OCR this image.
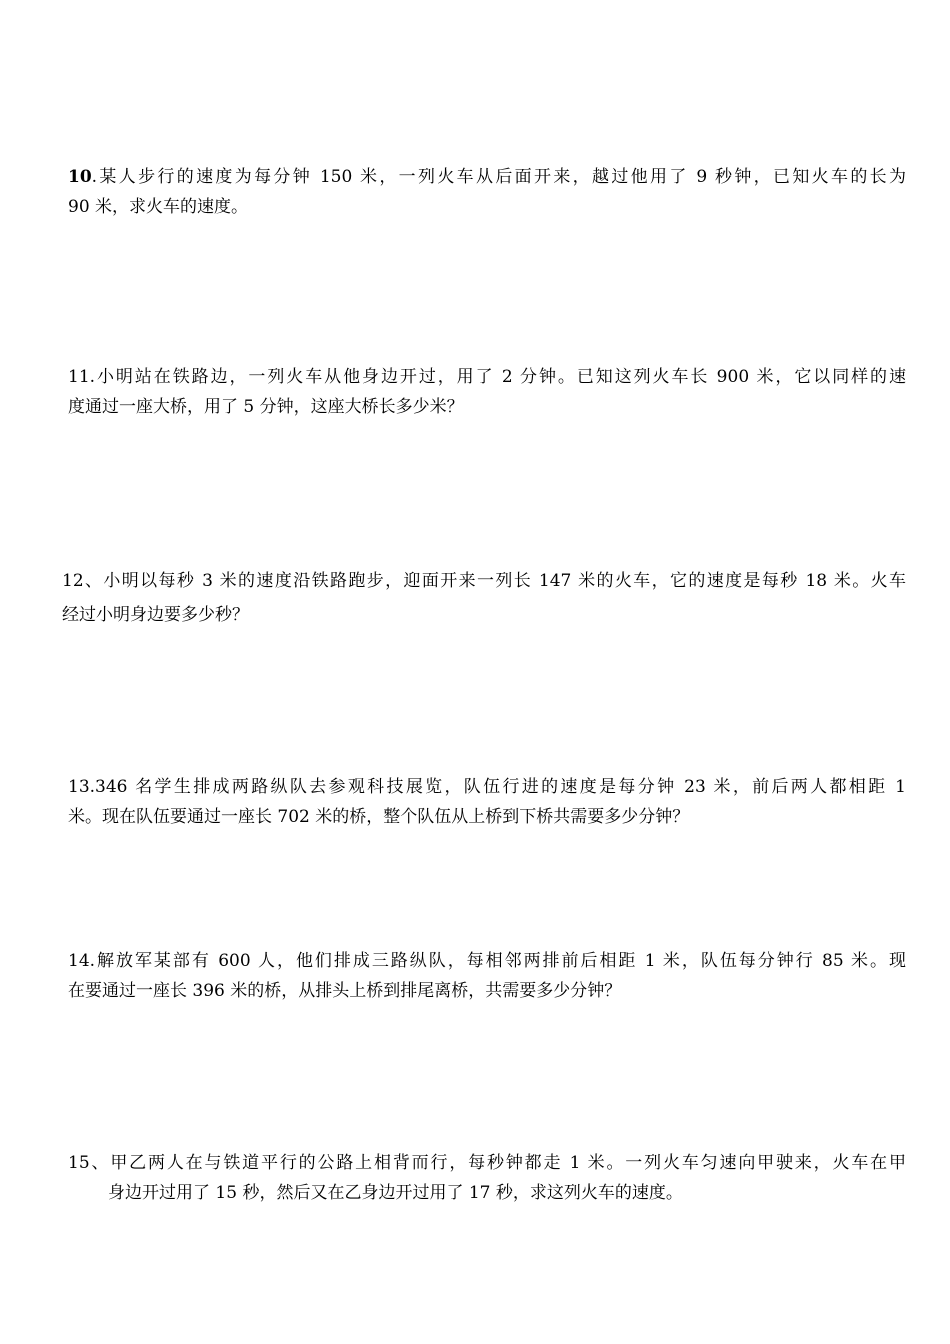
10.某人步行的速度为每分钟 150 米，一列火车从后面开来，越过他用了 9 秒钟，已知火车的长为
90 米，求火车的速度。

11.小明站在铁路边，一列火车从他身边开过，用了 2 分钟。已知这列火车长 900 米，它以同样的速
度通过一座大桥，用了 5 分钟，这座大桥长多少米？

12、小明以每秒 3 米的速度沿铁路跑步，迎面开来一列长 147 米的火车，它的速度是每秒 18 米。火车
经过小明身边要多少秒？

13.346 名学生排成两路纵队去参观科技展览，队伍行进的速度是每分钟 23 米，前后两人都相距 1
米。现在队伍要通过一座长 702 米的桥，整个队伍从上桥到下桥共需要多少分钟？

14.解放军某部有 600 人，他们排成三路纵队，每相邻两排前后相距 1 米，队伍每分钟行 85 米。现
在要通过一座长 396 米的桥，从排头上桥到排尾离桥，共需要多少分钟？

15、甲乙两人在与铁道平行的公路上相背而行，每秒钟都走 1 米。一列火车匀速向甲驶来，火车在甲
身边开过用了 15 秒，然后又在乙身边开过用了 17 秒，求这列火车的速度。
